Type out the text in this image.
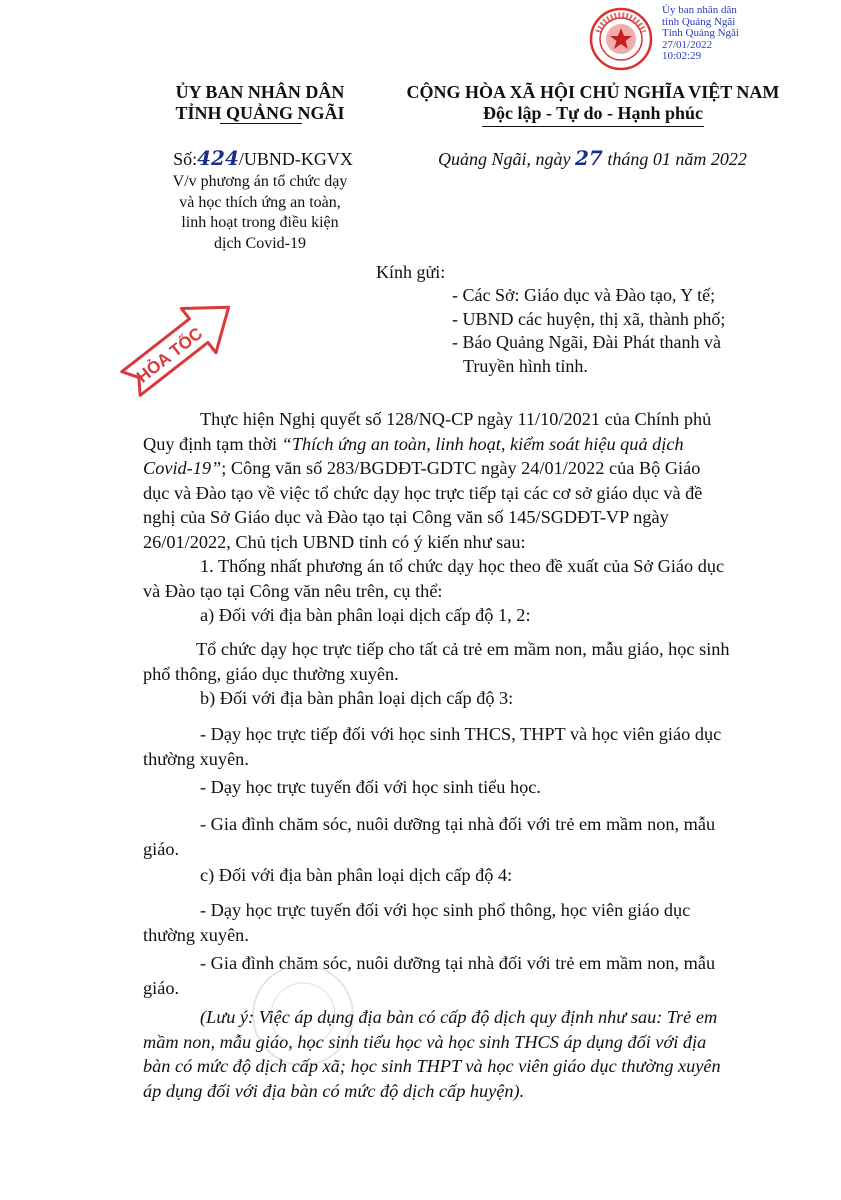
Ủy ban nhân dân
tỉnh Quảng Ngãi
Tỉnh Quảng Ngãi
27/01/2022
10:02:29
ỦY BAN NHÂN DÂN
TỈNH QUẢNG NGÃI
Số:424/UBND-KGVX
V/v phương án tổ chức dạy
và học thích ứng an toàn,
linh hoạt trong điều kiện
dịch Covid-19
CỘNG HÒA XÃ HỘI CHỦ NGHĨA VIỆT NAM
Độc lập - Tự do - Hạnh phúc
Quảng Ngãi, ngày 27 tháng 01 năm 2022
Kính gửi:
- Các Sở: Giáo dục và Đào tạo, Y tế;
- UBND các huyện, thị xã, thành phố;
- Báo Quảng Ngãi, Đài Phát thanh và
Truyền hình tỉnh.
HỎA TỐC
Thực hiện Nghị quyết số 128/NQ-CP ngày 11/10/2021 của Chính phủ
Quy định tạm thời “Thích ứng an toàn, linh hoạt, kiểm soát hiệu quả dịch
Covid-19”; Công văn số 283/BGDĐT-GDTC ngày 24/01/2022 của Bộ Giáo
dục và Đào tạo về việc tổ chức dạy học trực tiếp tại các cơ sở giáo dục và đề
nghị của Sở Giáo dục và Đào tạo tại Công văn số 145/SGDĐT-VP ngày
26/01/2022, Chủ tịch UBND tỉnh có ý kiến như sau:
1. Thống nhất phương án tổ chức dạy học theo đề xuất của Sở Giáo dục
và Đào tạo tại Công văn nêu trên, cụ thể:
a) Đối với địa bàn phân loại dịch cấp độ 1, 2:
Tổ chức dạy học trực tiếp cho tất cả trẻ em mầm non, mẫu giáo, học sinh
phổ thông, giáo dục thường xuyên.
b) Đối với địa bàn phân loại dịch cấp độ 3:
- Dạy học trực tiếp đối với học sinh THCS, THPT và học viên giáo dục
thường xuyên.
- Dạy học trực tuyến đối với học sinh tiểu học.
- Gia đình chăm sóc, nuôi dưỡng tại nhà đối với trẻ em mầm non, mẫu
giáo.
c) Đối với địa bàn phân loại dịch cấp độ 4:
- Dạy học trực tuyến đối với học sinh phổ thông, học viên giáo dục
thường xuyên.
- Gia đình chăm sóc, nuôi dưỡng tại nhà đối với trẻ em mầm non, mẫu
giáo.
(Lưu ý: Việc áp dụng địa bàn có cấp độ dịch quy định như sau: Trẻ em
mầm non, mẫu giáo, học sinh tiểu học và học sinh THCS áp dụng đối với địa
bàn có mức độ dịch cấp xã; học sinh THPT và học viên giáo dục thường xuyên
áp dụng đối với địa bàn có mức độ dịch cấp huyện).
